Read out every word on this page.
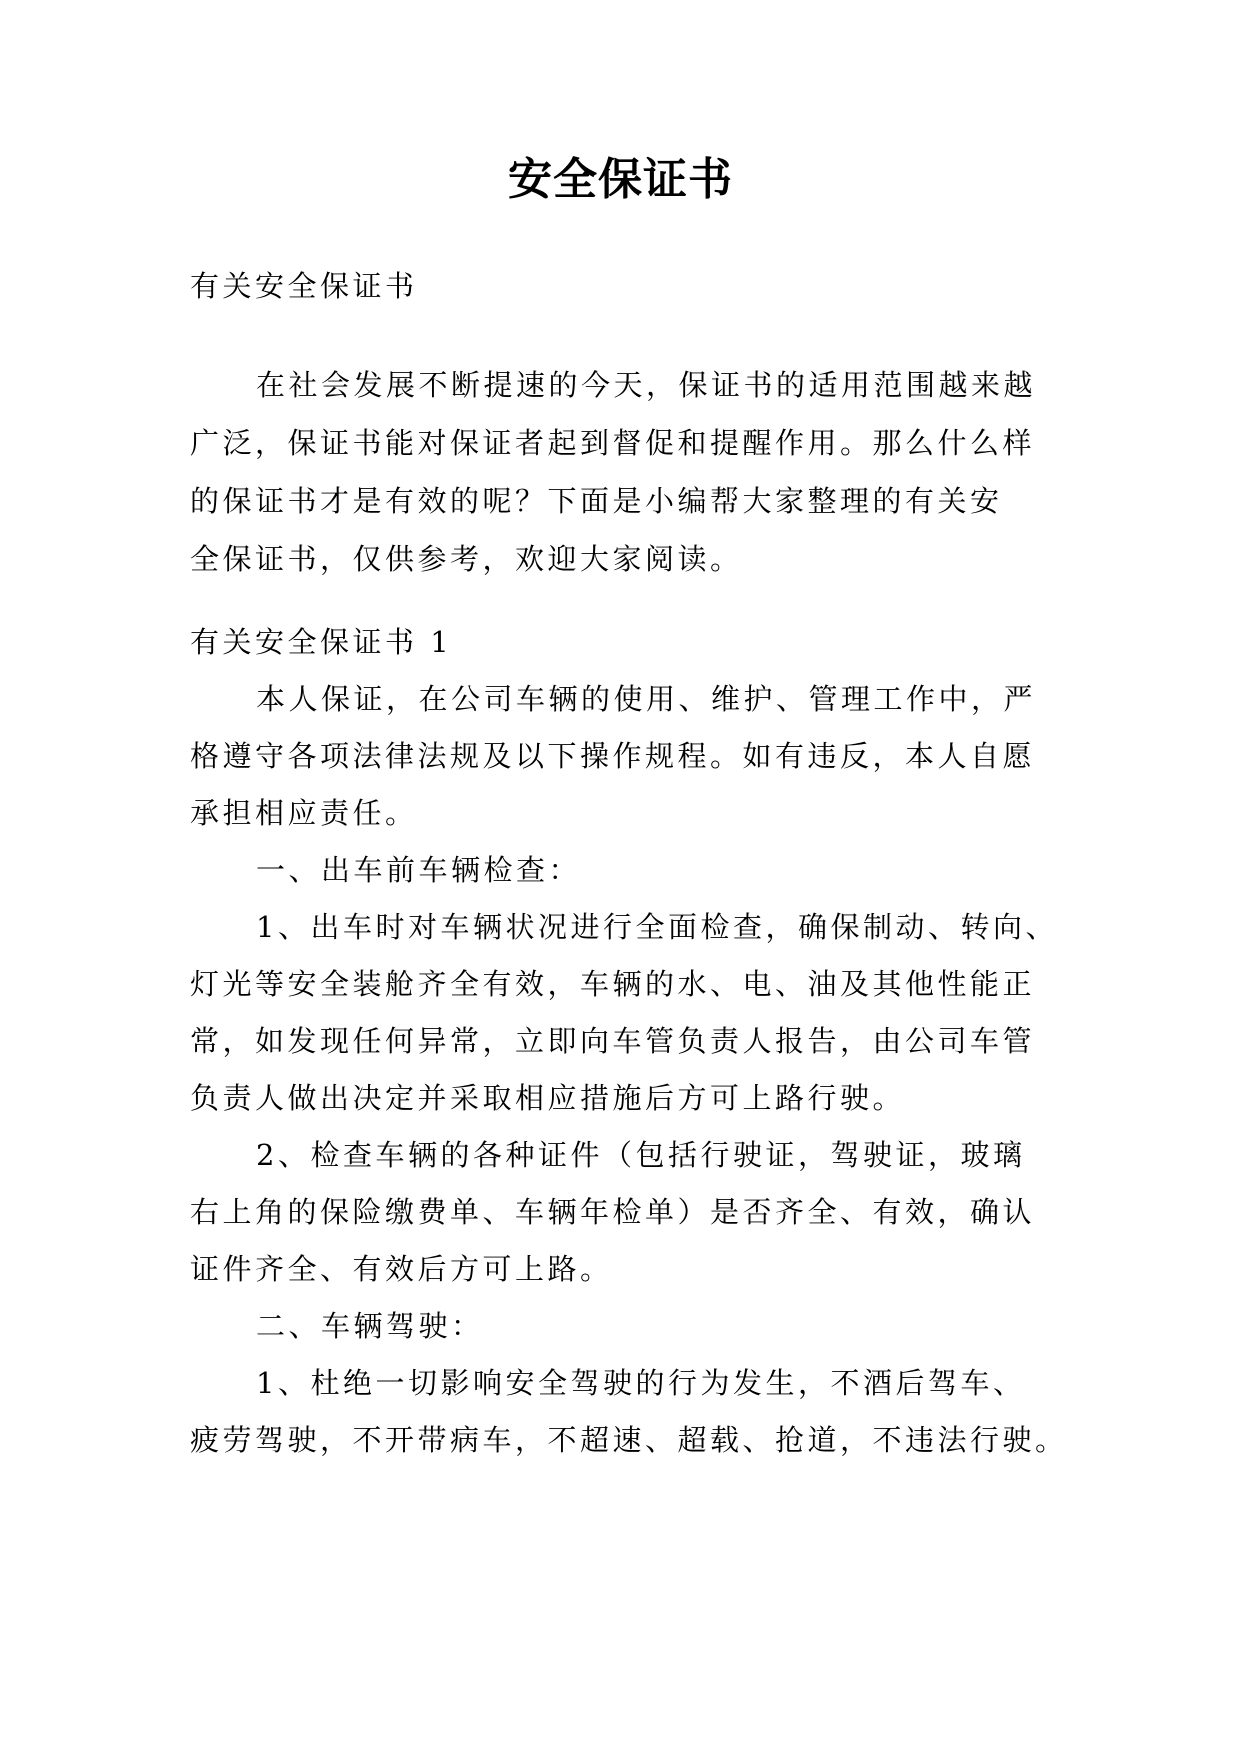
安全保证书
有关安全保证书
在社会发展不断提速的今天，保证书的适用范围越来越
广泛，保证书能对保证者起到督促和提醒作用。那么什么样
的保证书才是有效的呢？下面是小编帮大家整理的有关安
全保证书，仅供参考，欢迎大家阅读。
有关安全保证书 1
本人保证，在公司车辆的使用、维护、管理工作中，严
格遵守各项法律法规及以下操作规程。如有违反，本人自愿
承担相应责任。
一、出车前车辆检查：
1、出车时对车辆状况进行全面检查，确保制动、转向、
灯光等安全装舱齐全有效，车辆的水、电、油及其他性能正
常，如发现任何异常，立即向车管负责人报告，由公司车管
负责人做出决定并采取相应措施后方可上路行驶。
2、检查车辆的各种证件（包括行驶证，驾驶证，玻璃
右上角的保险缴费单、车辆年检单）是否齐全、有效，确认
证件齐全、有效后方可上路。
二、车辆驾驶：
1、杜绝一切影响安全驾驶的行为发生，不酒后驾车、
疲劳驾驶，不开带病车，不超速、超载、抢道，不违法行驶。
